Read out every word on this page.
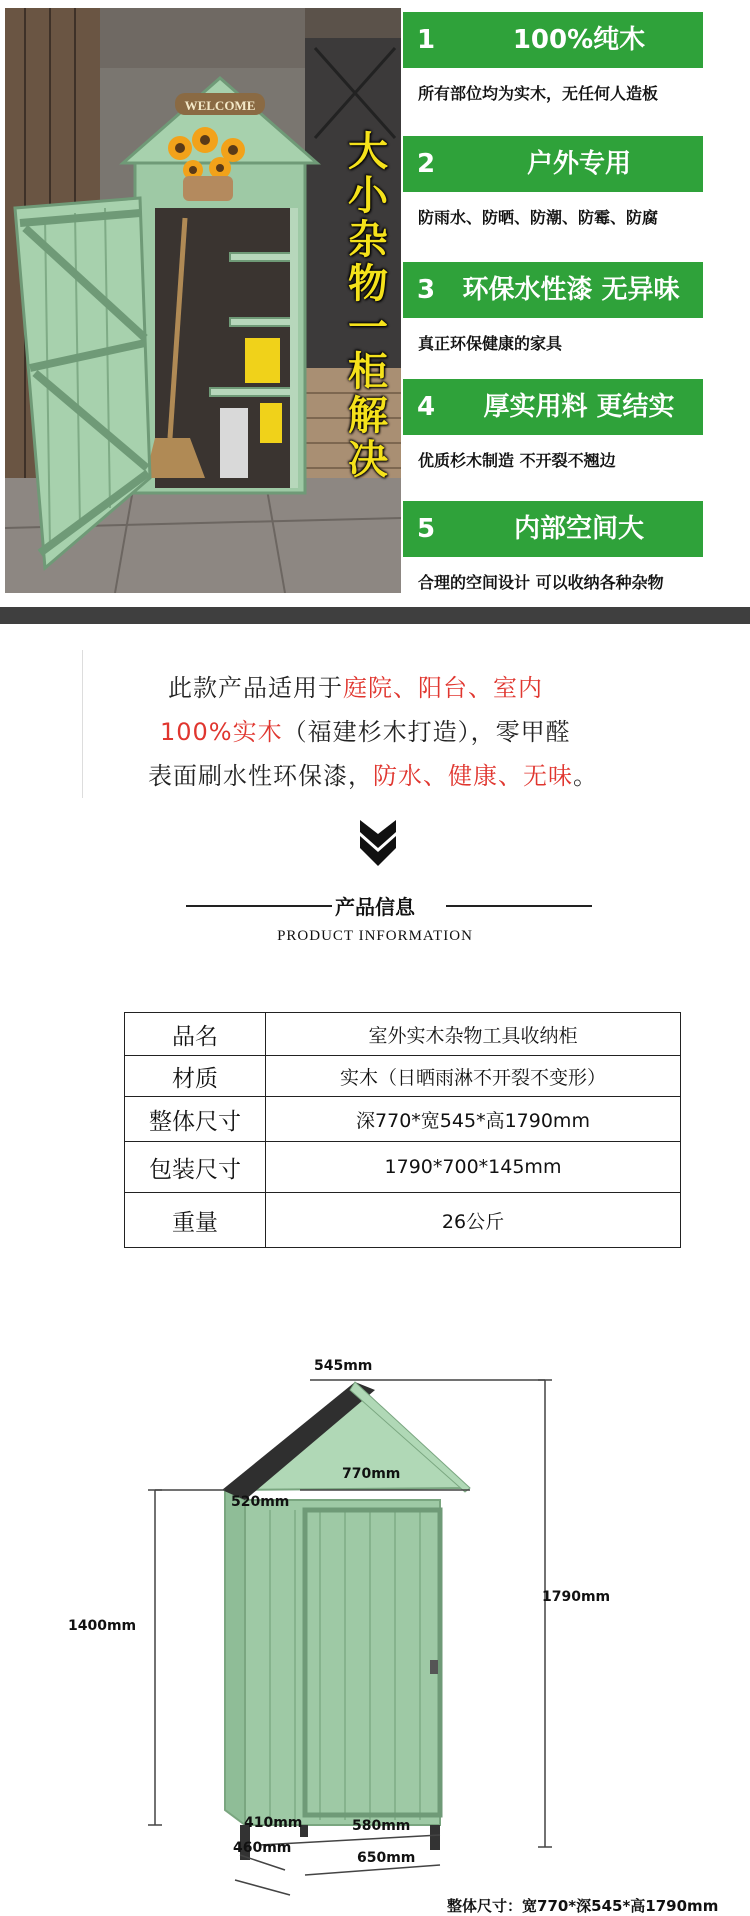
WELCOME
大小杂物一柜解决
1	100%纯木
所有部位均为实木，无任何人造板
2	户外专用
防雨水、防晒、防潮、防霉、防腐
3	环保水性漆 无异味
真正环保健康的家具
4	厚实用料 更结实
优质杉木制造 不开裂不翘边
5	内部空间大
合理的空间设计 可以收纳各种杂物
此款产品适用于庭院、阳台、室内
100%实木（福建杉木打造），零甲醛
表面刷水性环保漆，防水、健康、无味。
产品信息
PRODUCT INFORMATION
品名	室外实木杂物工具收纳柜
材质	实木（日晒雨淋不开裂不变形）
整体尺寸	深770*宽545*高1790mm
包装尺寸	1790*700*145mm
重量	26公斤
545mm
770mm
520mm
1400mm
1790mm
410mm	580mm
460mm
650mm
整体尺寸：宽770*深545*高1790mm
